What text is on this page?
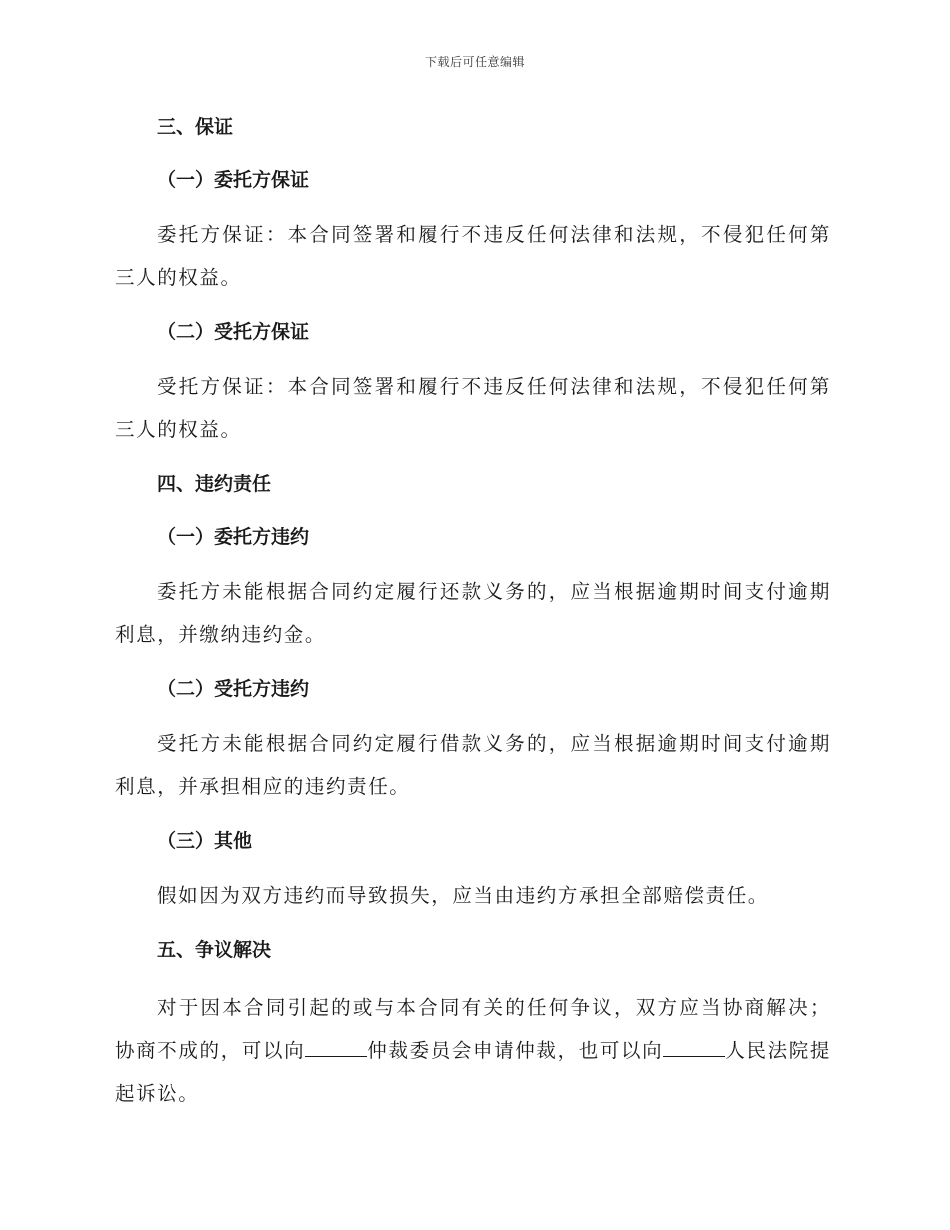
下载后可任意编辑
三、保证
（一）委托方保证

委托方保证：本合同签署和履行不违反任何法律和法规，不侵犯任何第三人的权益。

（二）受托方保证

受托方保证：本合同签署和履行不违反任何法律和法规，不侵犯任何第三人的权益。

四、违约责任
（一）委托方违约

委托方未能根据合同约定履行还款义务的，应当根据逾期时间支付逾期利息，并缴纳违约金。

（二）受托方违约

受托方未能根据合同约定履行借款义务的，应当根据逾期时间支付逾期利息，并承担相应的违约责任。

（三）其他

假如因为双方违约而导致损失，应当由违约方承担全部赔偿责任。

五、争议解决

对于因本合同引起的或与本合同有关的任何争议，双方应当协商解决；协商不成的，可以向	仲裁委员会申请仲裁，也可以向	人民法院提起诉讼。
